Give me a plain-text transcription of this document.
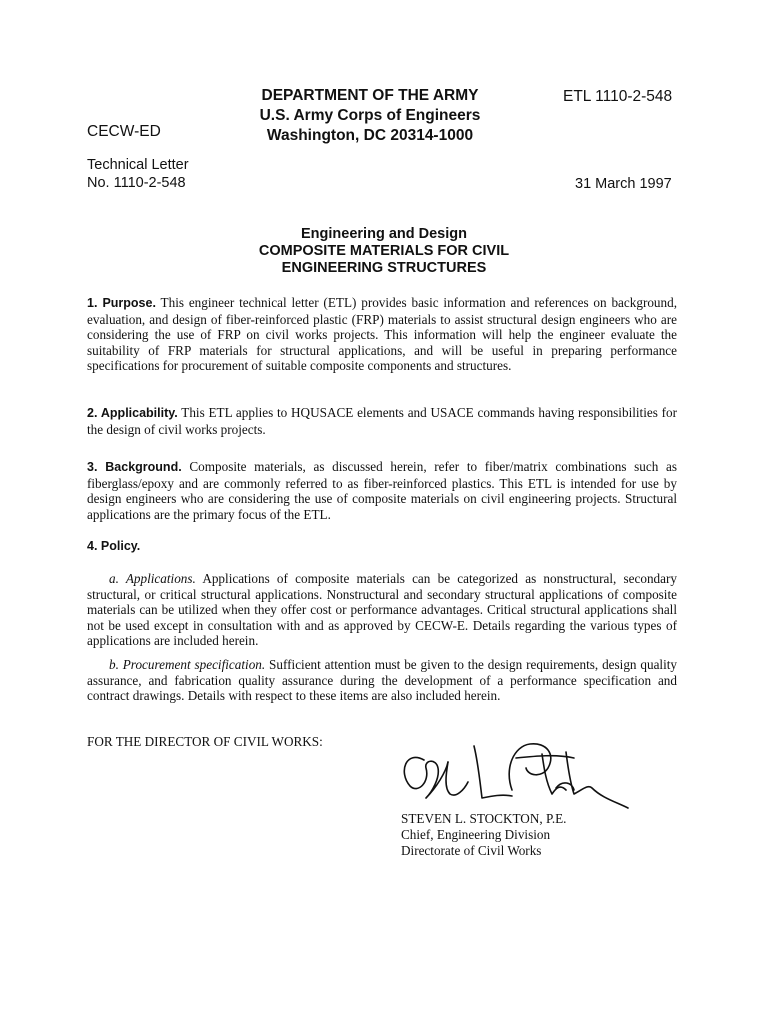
DEPARTMENT OF THE ARMY
U.S. Army Corps of Engineers
Washington, DC 20314-1000
ETL 1110-2-548
CECW-ED
Technical Letter
No. 1110-2-548	31 March 1997
Engineering and Design
COMPOSITE MATERIALS FOR CIVIL
ENGINEERING STRUCTURES
1. Purpose. This engineer technical letter (ETL) provides basic information and references on background, evaluation, and design of fiber-reinforced plastic (FRP) materials to assist structural design engineers who are considering the use of FRP on civil works projects. This information will help the engineer evaluate the suitability of FRP materials for structural applications, and will be useful in preparing performance specifications for procurement of suitable composite components and structures.
2. Applicability. This ETL applies to HQUSACE elements and USACE commands having responsibilities for the design of civil works projects.
3. Background. Composite materials, as discussed herein, refer to fiber/matrix combinations such as fiberglass/epoxy and are commonly referred to as fiber-reinforced plastics. This ETL is intended for use by design engineers who are considering the use of composite materials on civil engineering projects. Structural applications are the primary focus of the ETL.
4. Policy.
a. Applications. Applications of composite materials can be categorized as nonstructural, secondary structural, or critical structural applications. Nonstructural and secondary structural applications of composite materials can be utilized when they offer cost or performance advantages. Critical structural applications shall not be used except in consultation with and as approved by CECW-E. Details regarding the various types of applications are included herein.
b. Procurement specification. Sufficient attention must be given to the design requirements, design quality assurance, and fabrication quality assurance during the development of a performance specification and contract drawings. Details with respect to these items are also included herein.
FOR THE DIRECTOR OF CIVIL WORKS:
STEVEN L. STOCKTON, P.E.
Chief, Engineering Division
Directorate of Civil Works
